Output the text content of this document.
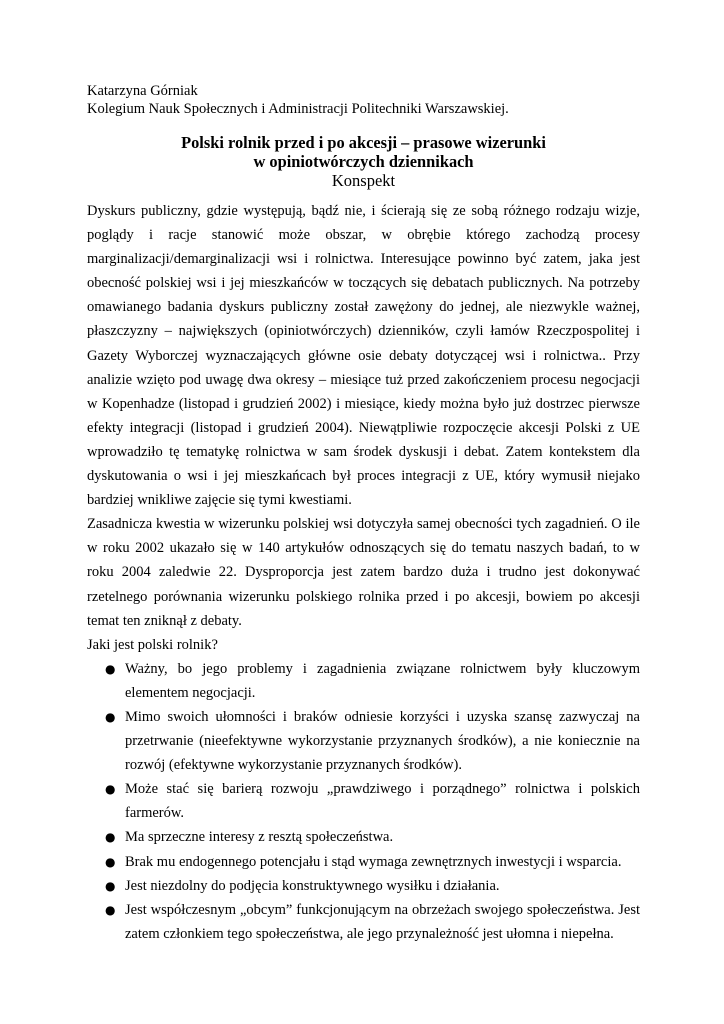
Katarzyna Górniak
Kolegium Nauk Społecznych i Administracji Politechniki Warszawskiej.
Polski rolnik przed i po akcesji – prasowe wizerunki
w opiniotwórczych dziennikach
Konspekt

Dyskurs publiczny, gdzie występują, bądź nie, i ścierają się ze sobą różnego rodzaju wizje, poglądy i racje stanowić może obszar, w obrębie którego zachodzą procesy marginalizacji/demarginalizacji wsi i rolnictwa. Interesujące powinno być zatem, jaka jest obecność polskiej wsi i jej mieszkańców w toczących się debatach publicznych. Na potrzeby omawianego badania dyskurs publiczny został zawężony do jednej, ale niezwykle ważnej, płaszczyzny – największych (opiniotwórczych) dzienników, czyli łamów Rzeczpospolitej i Gazety Wyborczej wyznaczających główne osie debaty dotyczącej wsi i rolnictwa.. Przy analizie wzięto pod uwagę dwa okresy – miesiące tuż przed zakończeniem procesu negocjacji w Kopenhadze (listopad i grudzień 2002) i miesiące, kiedy można było już dostrzec pierwsze efekty integracji (listopad i grudzień 2004). Niewątpliwie rozpoczęcie akcesji Polski z UE wprowadziło tę tematykę rolnictwa w sam środek dyskusji i debat. Zatem kontekstem dla dyskutowania o wsi i jej mieszkańcach był proces integracji z UE, który wymusił niejako bardziej wnikliwe zajęcie się tymi kwestiami.

Zasadnicza kwestia w wizerunku polskiej wsi dotyczyła samej obecności tych zagadnień. O ile w roku 2002 ukazało się w 140 artykułów odnoszących się do tematu naszych badań, to w roku 2004 zaledwie 22. Dysproporcja jest zatem bardzo duża i trudno jest dokonywać rzetelnego porównania wizerunku polskiego rolnika przed i po akcesji, bowiem po akcesji temat ten zniknął z debaty.

Jaki jest polski rolnik?

● Ważny, bo jego problemy i zagadnienia związane rolnictwem były kluczowym elementem negocjacji.
● Mimo swoich ułomności i braków odniesie korzyści i uzyska szansę zazwyczaj na przetrwanie (nieefektywne wykorzystanie przyznanych środków), a nie koniecznie na rozwój (efektywne wykorzystanie przyznanych środków).
● Może stać się barierą rozwoju „prawdziwego i porządnego” rolnictwa i polskich farmerów.
● Ma sprzeczne interesy z resztą społeczeństwa.
● Brak mu endogennego potencjału i stąd wymaga zewnętrznych inwestycji i wsparcia.
● Jest niezdolny do podjęcia konstruktywnego wysiłku i działania.
● Jest współczesnym „obcym” funkcjonującym na obrzeżach swojego społeczeństwa. Jest zatem członkiem tego społeczeństwa, ale jego przynależność jest ułomna i niepełna.
